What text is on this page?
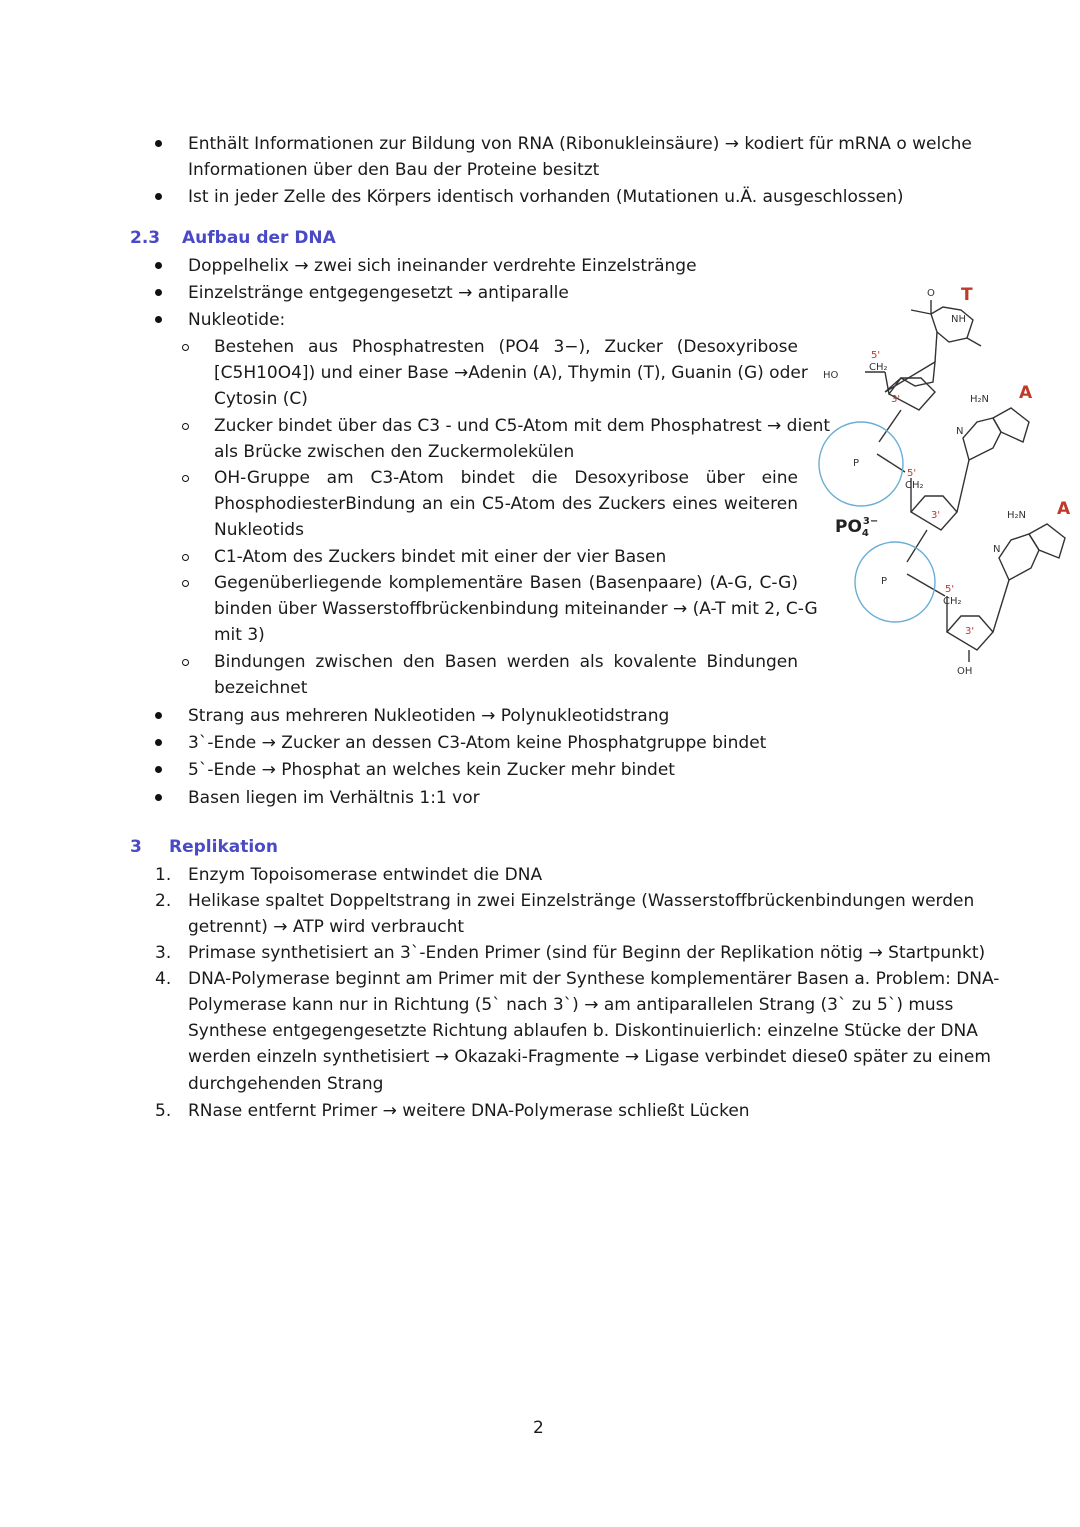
Enthält Informationen zur Bildung von RNA (Ribonukleinsäure) → kodiert für mRNA o welche
Informationen über den Bau der Proteine besitzt
Ist in jeder Zelle des Körpers identisch vorhanden (Mutationen u.Ä. ausgeschlossen)
2.3 Aufbau der DNA
Doppelhelix → zwei sich ineinander verdrehte Einzelstränge
Einzelstränge entgegengesetzt → antiparalle
Nukleotide:
Bestehen aus Phosphatresten (PO4 3−), Zucker (Desoxyribose
[C5H10O4]) und einer Base →Adenin (A), Thymin (T), Guanin (G) oder
Cytosin (C)
Zucker bindet über das C3 - und C5-Atom mit dem Phosphatrest → dient
als Brücke zwischen den Zuckermolekülen
OH-Gruppe am C3-Atom bindet die Desoxyribose über eine
PhosphodiesterBindung an ein C5-Atom des Zuckers eines weiteren
Nukleotids
C1-Atom des Zuckers bindet mit einer der vier Basen
Gegenüberliegende komplementäre Basen (Basenpaare) (A-G, C-G)
binden über Wasserstoffbrückenbindung miteinander → (A-T mit 2, C-G
mit 3)
Bindungen zwischen den Basen werden als kovalente Bindungen
bezeichnet
Strang aus mehreren Nukleotiden → Polynukleotidstrang
3`-Ende → Zucker an dessen C3-Atom keine Phosphatgruppe bindet
5`-Ende → Phosphat an welches kein Zucker mehr bindet
Basen liegen im Verhältnis 1:1 vor
HO
NH
O
CH₂
5'
3'
P
CH₂
5'
3'
H₂N
N
P
CH₂
5'
3'
H₂N
N
OH
$PO_43-$
T
A
A
3 Replikation
1. Enzym Topoisomerase entwindet die DNA
2. Helikase spaltet Doppeltstrang in zwei Einzelstränge (Wasserstoffbrückenbindungen werden
getrennt) → ATP wird verbraucht
3. Primase synthetisiert an 3`-Enden Primer (sind für Beginn der Replikation nötig → Startpunkt)
4. DNA-Polymerase beginnt am Primer mit der Synthese komplementärer Basen a. Problem: DNA-
Polymerase kann nur in Richtung (5` nach 3`) → am antiparallelen Strang (3` zu 5`) muss
Synthese entgegengesetzte Richtung ablaufen b. Diskontinuierlich: einzelne Stücke der DNA
werden einzeln synthetisiert → Okazaki-Fragmente → Ligase verbindet diese0 später zu einem
durchgehenden Strang
5. RNase entfernt Primer → weitere DNA-Polymerase schließt Lücken
2
